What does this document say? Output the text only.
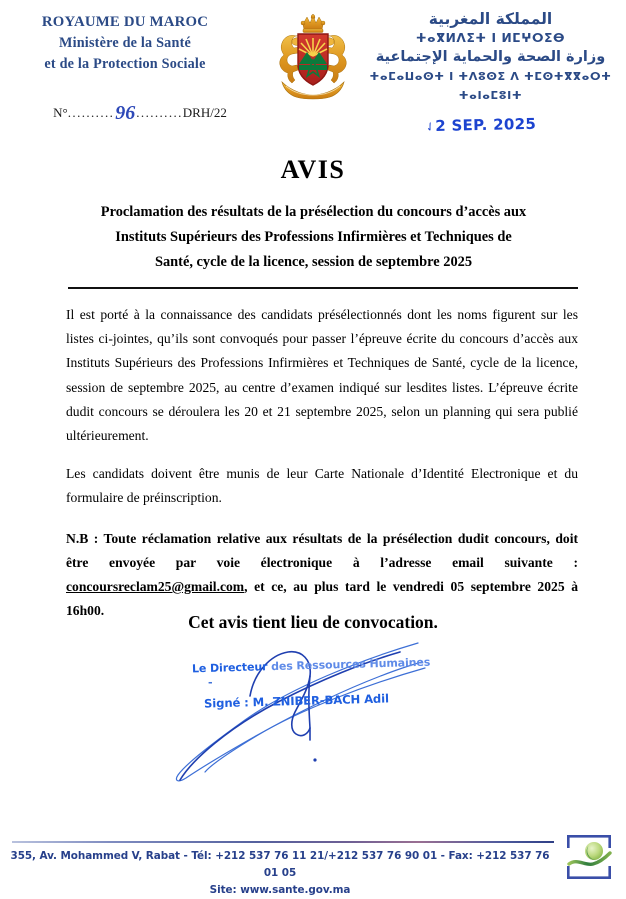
ROYAUME DU MAROC
Ministère de la Santé
et de la Protection Sociale
N°..........96..........DRH/22
المملكة المغربية
ⵜⴰⴳⵍⴷⵉⵜ ⵏ ⵍⵎⵖⵔⵉⴱ
وزارة الصحة والحماية الإجتماعية
ⵜⴰⵎⴰⵡⴰⵙⵜ ⵏ ⵜⴷⵓⵙⵉ ⴷ ⵜⵎⵙⵜⴳⴳⴰⵔⵜ ⵜⴰⵏⴰⵎⵓⵏⵜ
✓2 SEP. 2025
AVIS
Proclamation des résultats de la présélection du concours d’accès aux
Instituts Supérieurs des Professions Infirmières et Techniques de
Santé, cycle de la licence, session de septembre 2025

Il est porté à la connaissance des candidats présélectionnés dont les noms figurent sur les listes ci-jointes, qu’ils sont convoqués pour passer l’épreuve écrite du concours d’accès aux Instituts Supérieurs des Professions Infirmières et Techniques de Santé, cycle de la licence, session de septembre 2025, au centre d’examen indiqué sur lesdites listes. L’épreuve écrite dudit concours se déroulera les 20 et 21 septembre 2025, selon un planning qui sera publié ultérieurement.

Les candidats doivent être munis de leur Carte Nationale d’Identité Electronique et du formulaire de préinscription.

N.B : Toute réclamation relative aux résultats de la présélection dudit concours, doit être envoyée par voie électronique à l’adresse email suivante : concoursreclam25@gmail.com, et ce, au plus tard le vendredi 05 septembre 2025 à 16h00.

Cet avis tient lieu de convocation.
Le Directeur des Ressources Humaines
-
Signé : M. ZNIBER-BACH Adil
355, Av. Mohammed V, Rabat - Tél: +212 537 76 11 21/+212 537 76 90 01 - Fax: +212 537 76 01 05
Site: www.sante.gov.ma
